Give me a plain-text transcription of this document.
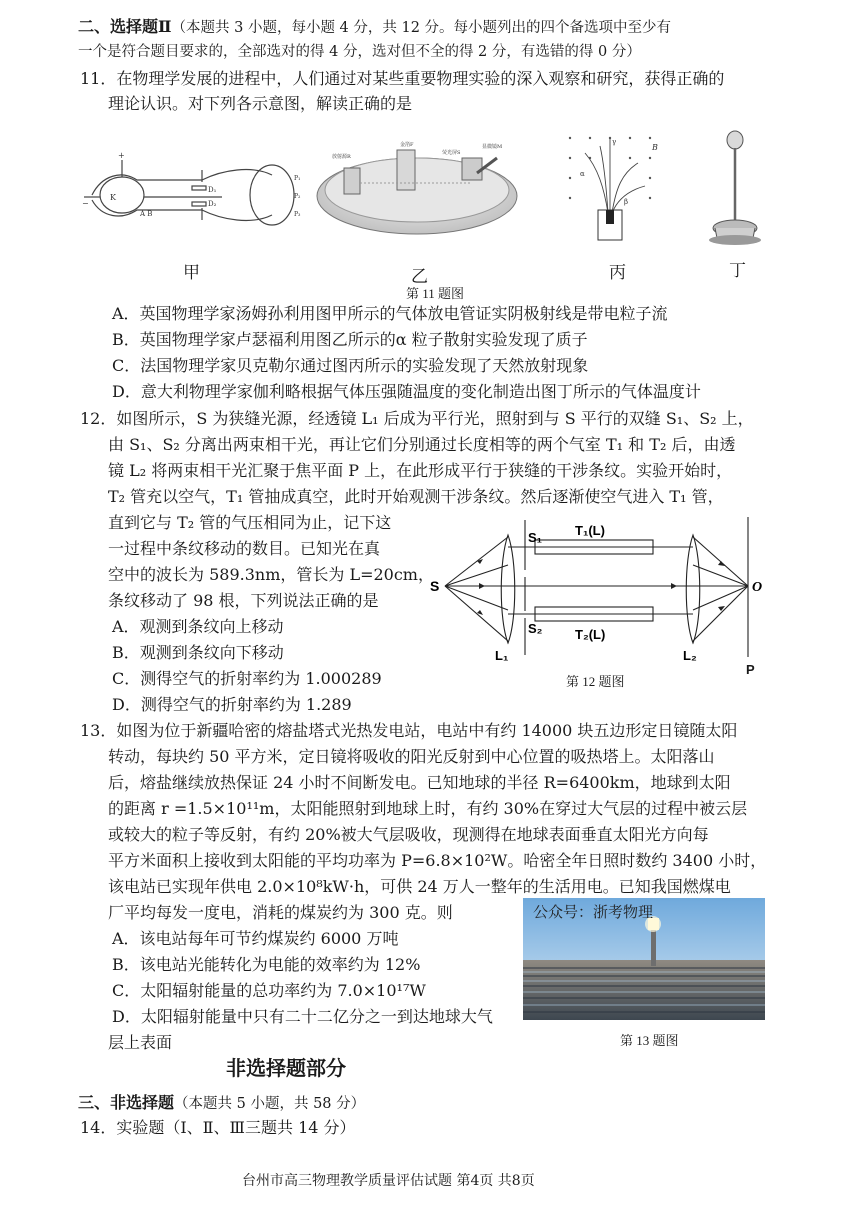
二、选择题Ⅱ（本题共 3 小题，每小题 4 分，共 12 分。每小题列出的四个备选项中至少有
一个是符合题目要求的，全部选对的得 4 分，选对但不全的得 2 分，有选错的得 0 分）
11．在物理学发展的进程中，人们通过对某些重要物理实验的深入观察和研究，获得正确的
理论认识。对下列各示意图，解读正确的是
K
A B
+
−
D₁
D₂
P₁
P₂
P₃
放射源R
金箔F
荧光屏S
显微镜M
α
γ
β
B
甲	乙	丙	丁
第 11 题图
A．英国物理学家汤姆孙利用图甲所示的气体放电管证实阴极射线是带电粒子流
B．英国物理学家卢瑟福利用图乙所示的α 粒子散射实验发现了质子
C．法国物理学家贝克勒尔通过图丙所示的实验发现了天然放射现象
D．意大利物理学家伽利略根据气体压强随温度的变化制造出图丁所示的气体温度计
12．如图所示，S 为狭缝光源，经透镜 L₁ 后成为平行光，照射到与 S 平行的双缝 S₁、S₂ 上，
由 S₁、S₂ 分离出两束相干光，再让它们分别通过长度相等的两个气室 T₁ 和 T₂ 后，由透
镜 L₂ 将两束相干光汇聚于焦平面 P 上，在此形成平行于狭缝的干涉条纹。实验开始时，
T₂ 管充以空气，T₁ 管抽成真空，此时开始观测干涉条纹。然后逐渐使空气进入 T₁ 管，
直到它与 T₂ 管的气压相同为止，记下这
一过程中条纹移动的数目。已知光在真
空中的波长为 589.3nm，管长为 L=20cm，
条纹移动了 98 根，下列说法正确的是
A．观测到条纹向上移动
B．观测到条纹向下移动
C．测得空气的折射率约为 1.000289
D．测得空气的折射率约为 1.289
S
S₁
S₂
T₁(L)
T₂(L)
L₁	L₂
O
P
第 12 题图
13．如图为位于新疆哈密的熔盐塔式光热发电站，电站中有约 14000 块五边形定日镜随太阳
转动，每块约 50 平方米，定日镜将吸收的阳光反射到中心位置的吸热塔上。太阳落山
后，熔盐继续放热保证 24 小时不间断发电。已知地球的半径 R=6400km，地球到太阳
的距离 r =1.5×10¹¹m，太阳能照射到地球上时，有约 30%在穿过大气层的过程中被云层
或较大的粒子等反射，有约 20%被大气层吸收，现测得在地球表面垂直太阳光方向每
平方米面积上接收到太阳能的平均功率为 P=6.8×10²W。哈密全年日照时数约 3400 小时，
该电站已实现年供电 2.0×10⁸kW·h，可供 24 万人一整年的生活用电。已知我国燃煤电
厂平均每发一度电，消耗的煤炭约为 300 克。则
A．该电站每年可节约煤炭约 6000 万吨
B．该电站光能转化为电能的效率约为 12%
C．太阳辐射能量的总功率约为 7.0×10¹⁷W
D．太阳辐射能量中只有二十二亿分之一到达地球大气
层上表面
公众号：浙考物理
第 13 题图
非选择题部分
三、非选择题（本题共 5 小题，共 58 分）
14．实验题（Ⅰ、Ⅱ、Ⅲ三题共 14 分）
台州市高三物理教学质量评估试题 第4页 共8页
